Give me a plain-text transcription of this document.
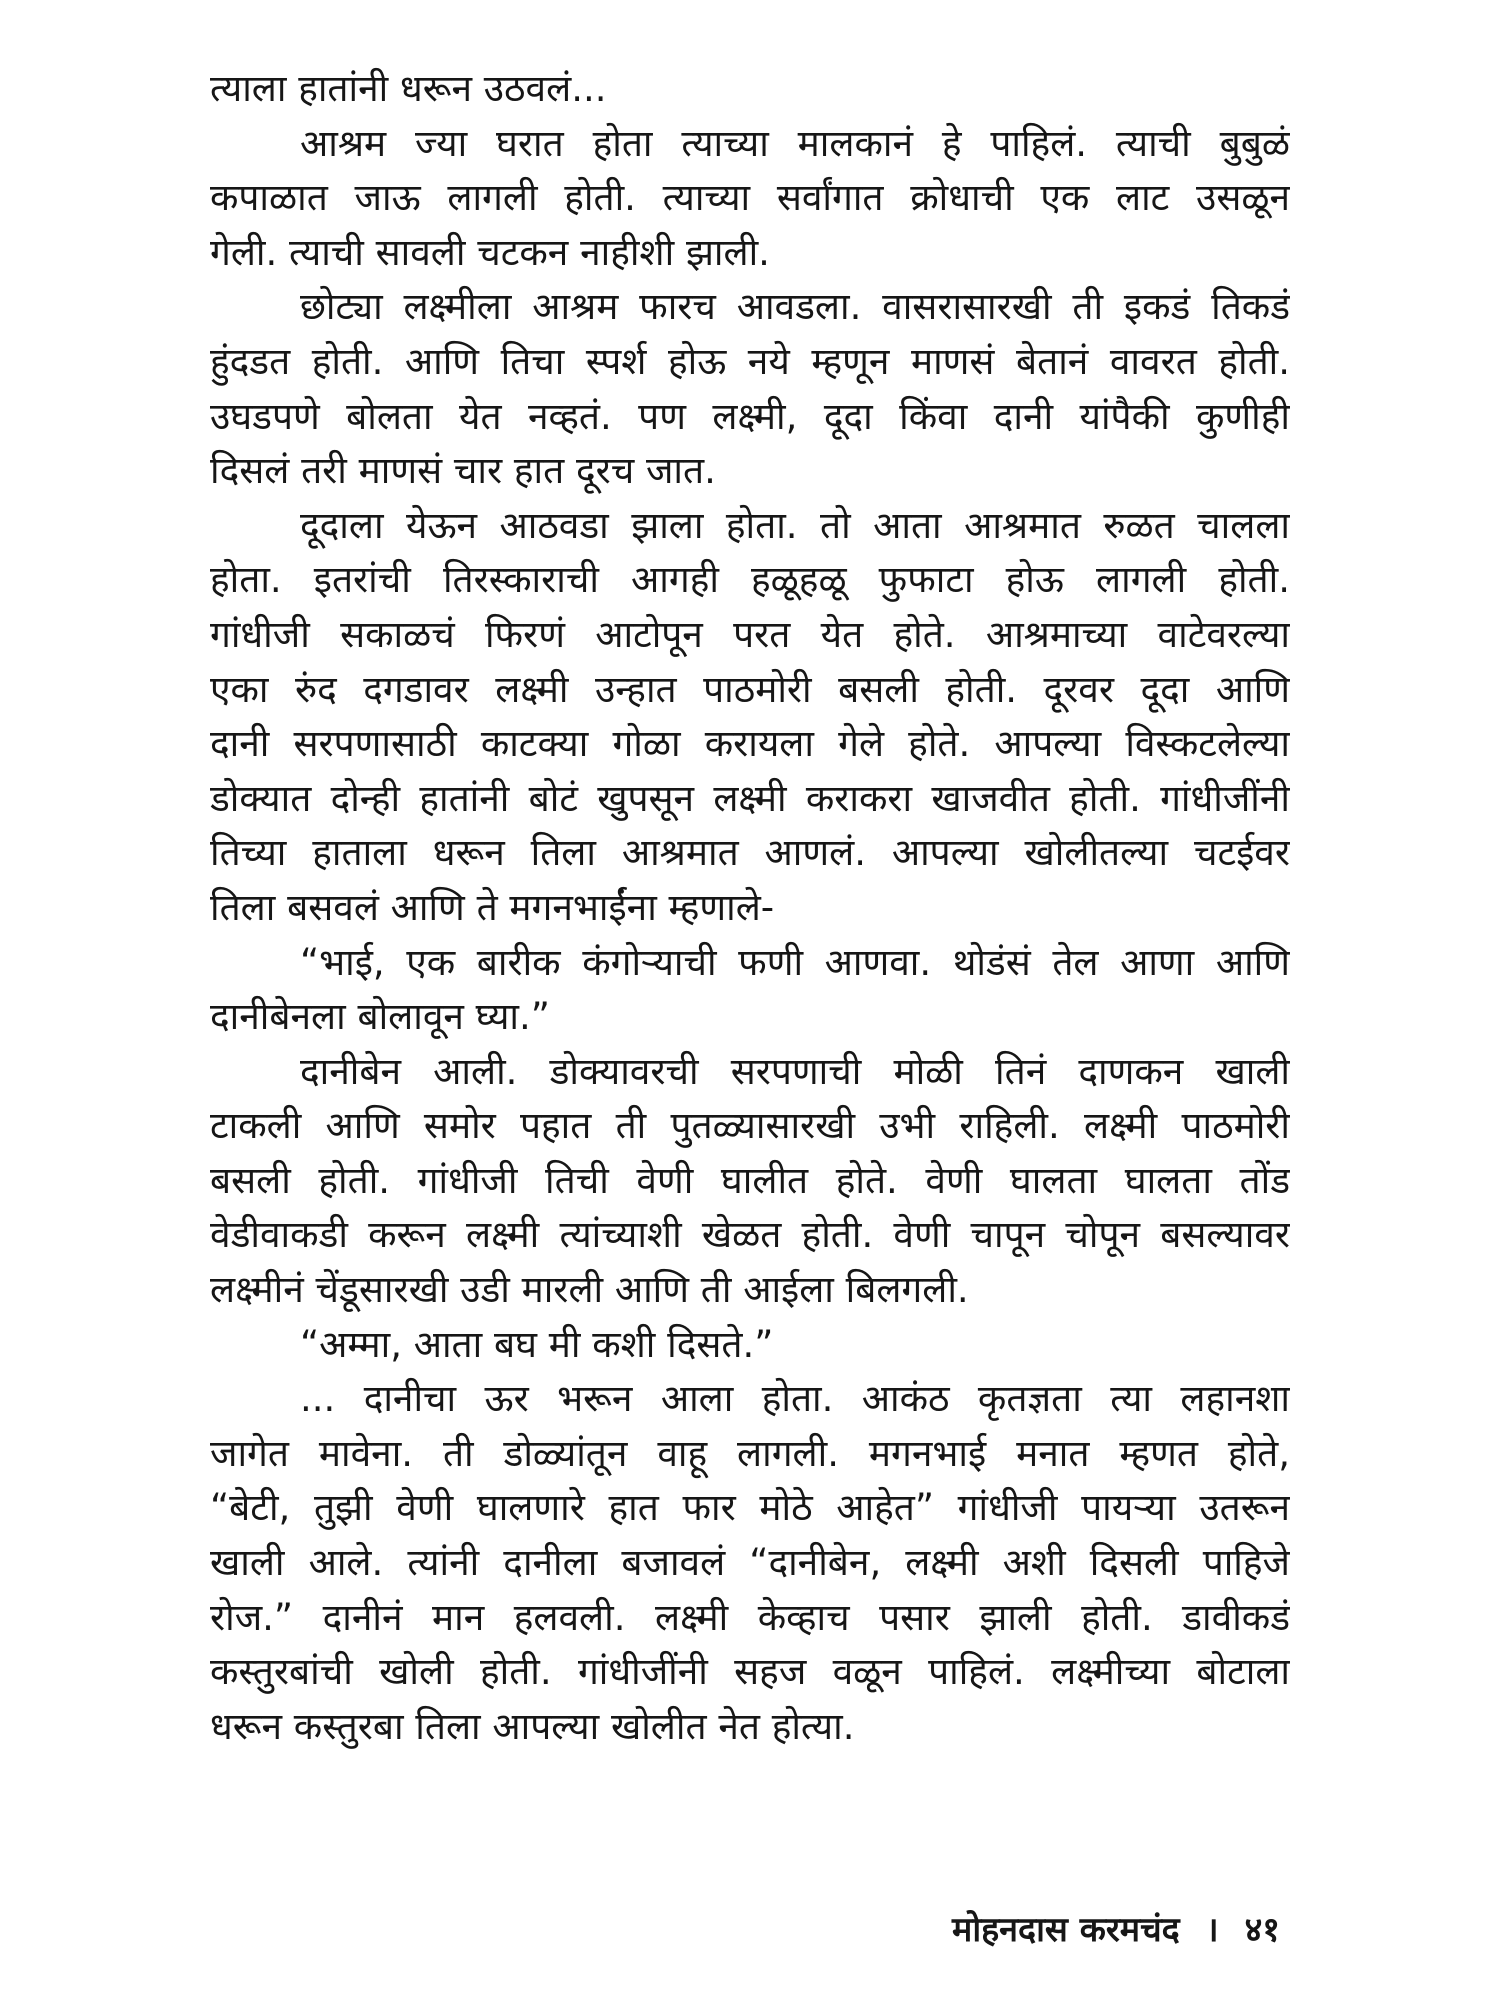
त्याला हातांनी धरून उठवलं...
आश्रम ज्या घरात होता त्याच्या मालकानं हे पाहिलं. त्याची बुबुळं
कपाळात जाऊ लागली होती. त्याच्या सर्वांगात क्रोधाची एक लाट उसळून
गेली. त्याची सावली चटकन नाहीशी झाली.
छोट्या लक्ष्मीला आश्रम फारच आवडला. वासरासारखी ती इकडं तिकडं
हुंदडत होती. आणि तिचा स्पर्श होऊ नये म्हणून माणसं बेतानं वावरत होती.
उघडपणे बोलता येत नव्हतं. पण लक्ष्मी, दूदा किंवा दानी यांपैकी कुणीही
दिसलं तरी माणसं चार हात दूरच जात.
दूदाला येऊन आठवडा झाला होता. तो आता आश्रमात रुळत चालला
होता. इतरांची तिरस्काराची आगही हळूहळू फुफाटा होऊ लागली होती.
गांधीजी सकाळचं फिरणं आटोपून परत येत होते. आश्रमाच्या वाटेवरल्या
एका रुंद दगडावर लक्ष्मी उन्हात पाठमोरी बसली होती. दूरवर दूदा आणि
दानी सरपणासाठी काटक्या गोळा करायला गेले होते. आपल्या विस्कटलेल्या
डोक्यात दोन्ही हातांनी बोटं खुपसून लक्ष्मी कराकरा खाजवीत होती. गांधीजींनी
तिच्या हाताला धरून तिला आश्रमात आणलं. आपल्या खोलीतल्या चटईवर
तिला बसवलं आणि ते मगनभाईंना म्हणाले-
“भाई, एक बारीक कंगोऱ्याची फणी आणवा. थोडंसं तेल आणा आणि
दानीबेनला बोलावून घ्या.”
दानीबेन आली. डोक्यावरची सरपणाची मोळी तिनं दाणकन खाली
टाकली आणि समोर पहात ती पुतळ्यासारखी उभी राहिली. लक्ष्मी पाठमोरी
बसली होती. गांधीजी तिची वेणी घालीत होते. वेणी घालता घालता तोंड
वेडीवाकडी करून लक्ष्मी त्यांच्याशी खेळत होती. वेणी चापून चोपून बसल्यावर
लक्ष्मीनं चेंडूसारखी उडी मारली आणि ती आईला बिलगली.
“अम्मा, आता बघ मी कशी दिसते.”
... दानीचा ऊर भरून आला होता. आकंठ कृतज्ञता त्या लहानशा
जागेत मावेना. ती डोळ्यांतून वाहू लागली. मगनभाई मनात म्हणत होते,
“बेटी, तुझी वेणी घालणारे हात फार मोठे आहेत” गांधीजी पायऱ्या उतरून
खाली आले. त्यांनी दानीला बजावलं “दानीबेन, लक्ष्मी अशी दिसली पाहिजे
रोज.” दानीनं मान हलवली. लक्ष्मी केव्हाच पसार झाली होती. डावीकडं
कस्तुरबांची खोली होती. गांधीजींनी सहज वळून पाहिलं. लक्ष्मीच्या बोटाला
धरून कस्तुरबा तिला आपल्या खोलीत नेत होत्या.
मोहनदास करमचंद । ४१
